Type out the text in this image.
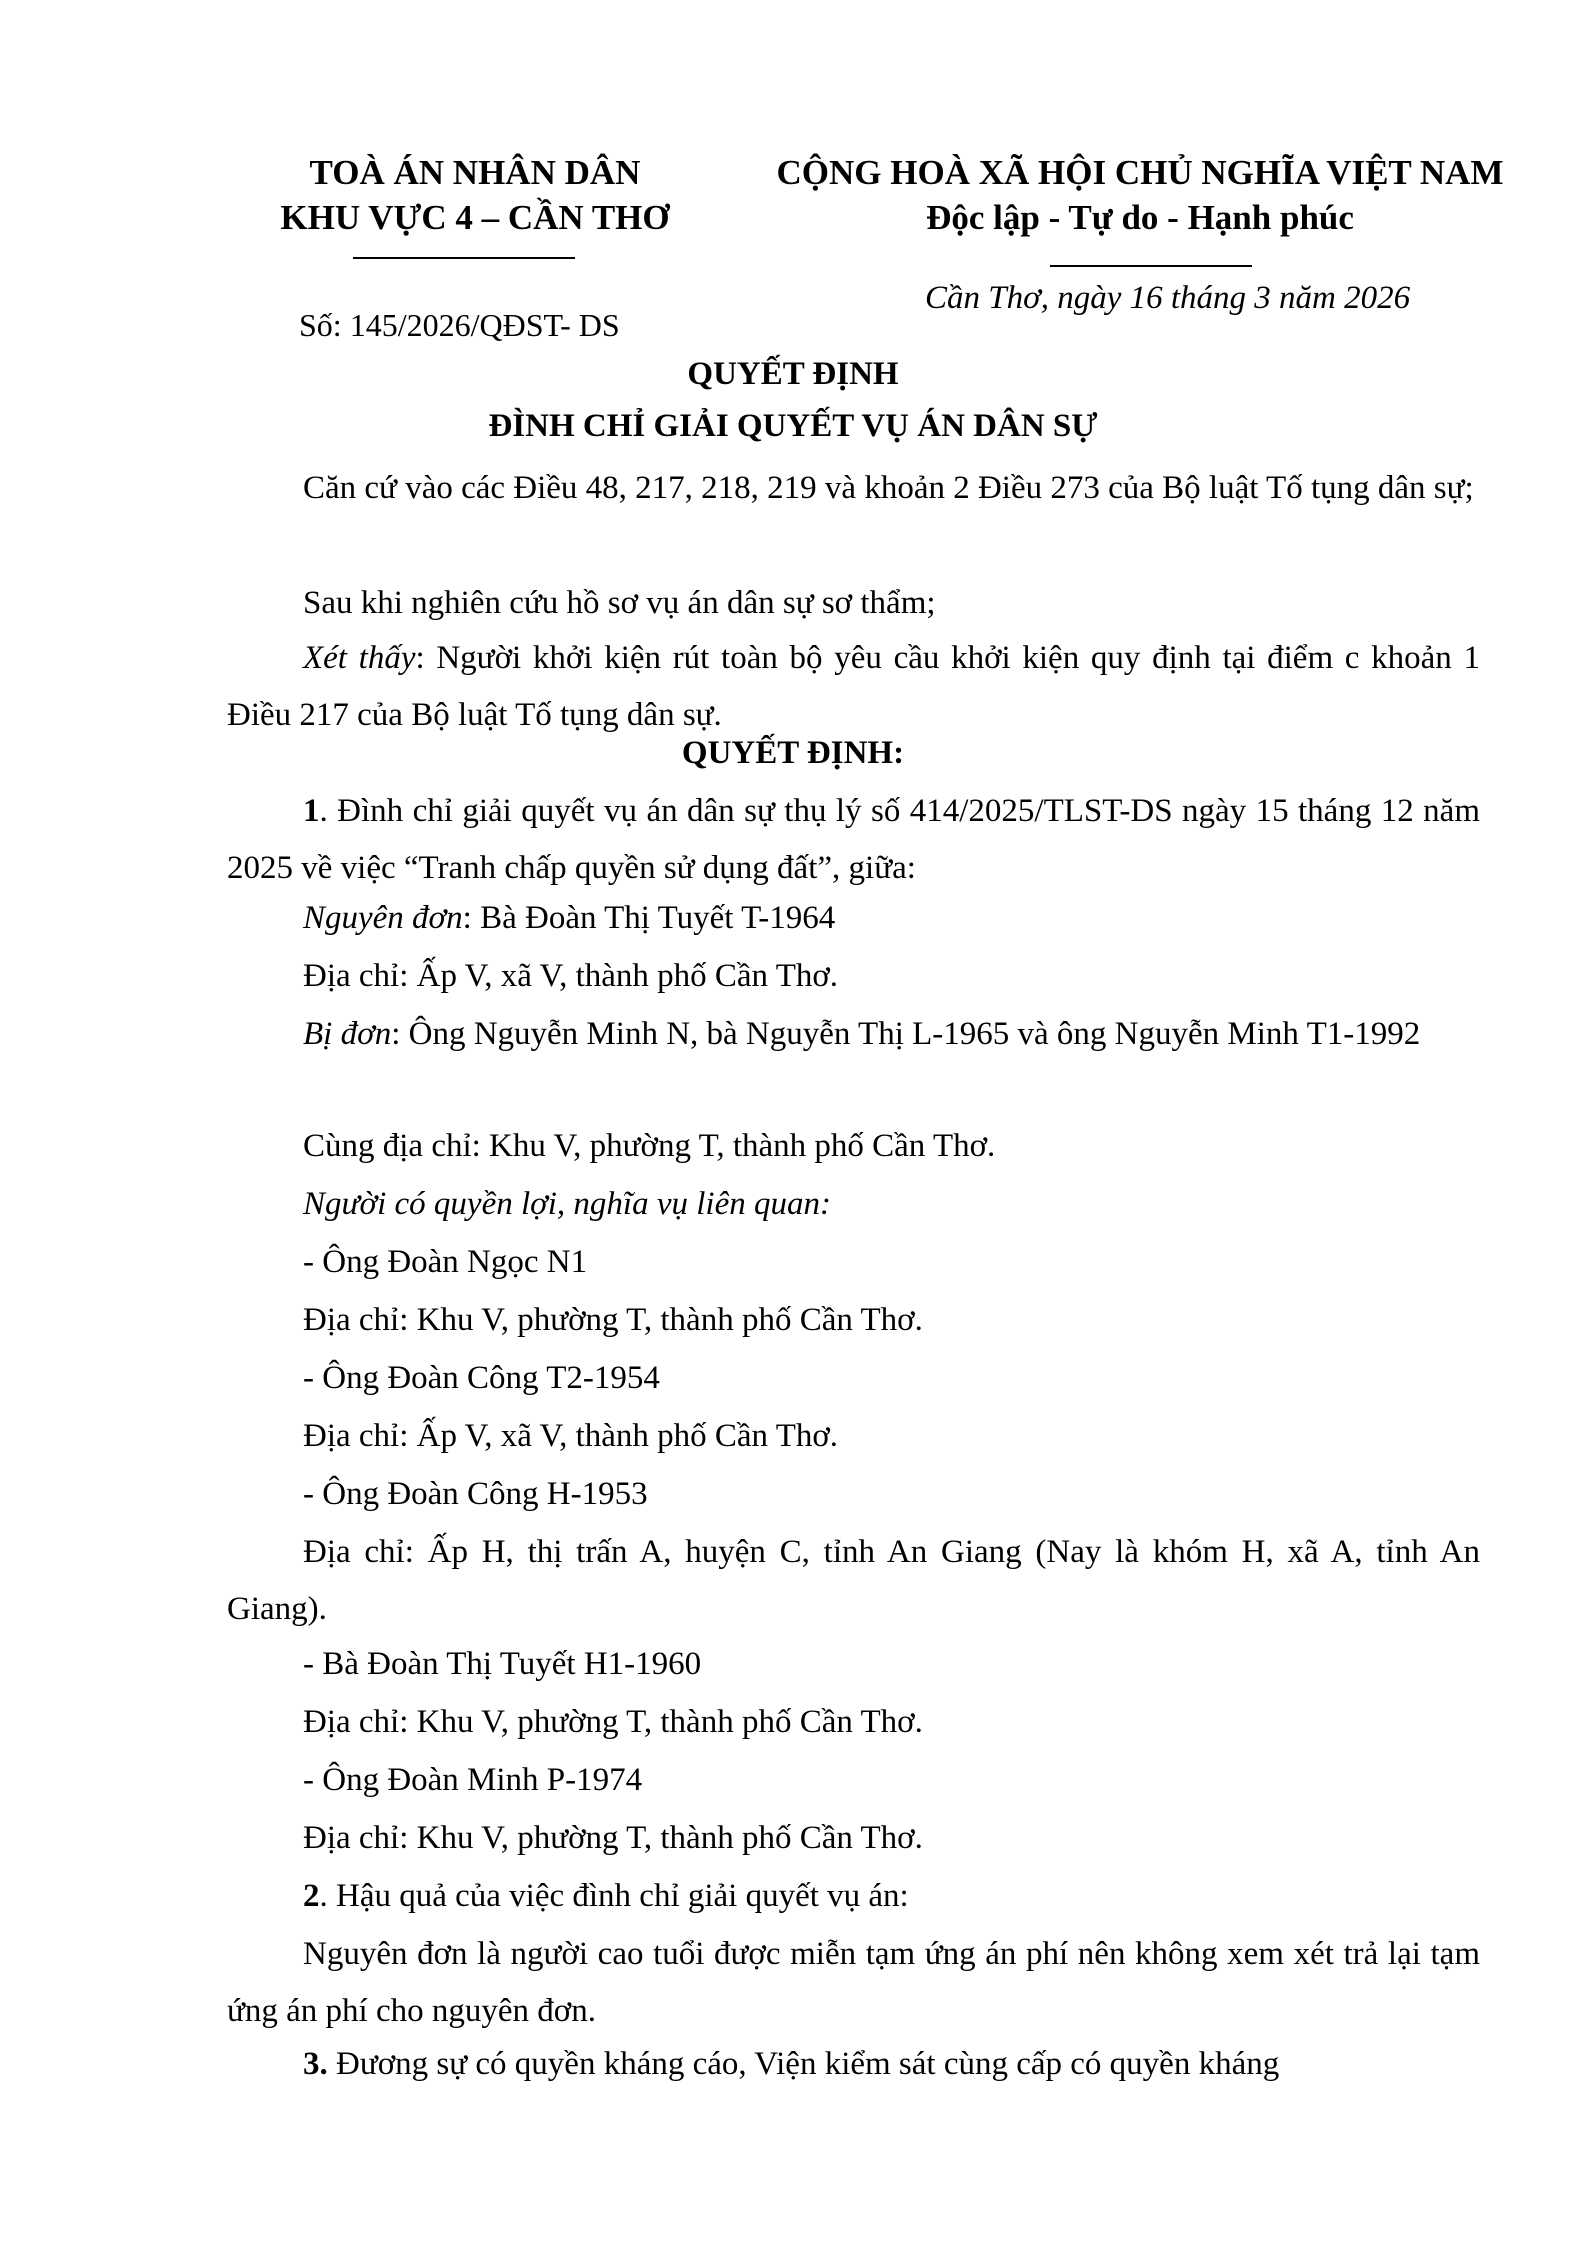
TOÀ ÁN NHÂN DÂN
KHU VỰC 4 – CẦN THƠ
Số: 145/2026/QĐST- DS
CỘNG HOÀ XÃ HỘI CHỦ NGHĨA VIỆT NAM
Độc lập - Tự do - Hạnh phúc
Cần Thơ, ngày 16 tháng 3 năm 2026
QUYẾT ĐỊNH
ĐÌNH CHỈ GIẢI QUYẾT VỤ ÁN DÂN SỰ
Căn cứ vào các Điều 48, 217, 218, 219 và khoản 2 Điều 273 của Bộ luật Tố tụng dân sự;
Sau khi nghiên cứu hồ sơ vụ án dân sự sơ thẩm;
Xét thấy: Người khởi kiện rút toàn bộ yêu cầu khởi kiện quy định tại điểm c khoản 1 Điều 217 của Bộ luật Tố tụng dân sự.
QUYẾT ĐỊNH:
1. Đình chỉ giải quyết vụ án dân sự thụ lý số 414/2025/TLST-DS ngày 15 tháng 12 năm 2025 về việc “Tranh chấp quyền sử dụng đất”, giữa:
Nguyên đơn: Bà Đoàn Thị Tuyết T-1964
Địa chỉ: Ấp V, xã V, thành phố Cần Thơ.
Bị đơn: Ông Nguyễn Minh N, bà Nguyễn Thị L-1965 và ông Nguyễn Minh T1-1992
Cùng địa chỉ: Khu V, phường T, thành phố Cần Thơ.
Người có quyền lợi, nghĩa vụ liên quan:
- Ông Đoàn Ngọc N1
Địa chỉ: Khu V, phường T, thành phố Cần Thơ.
- Ông Đoàn Công T2-1954
Địa chỉ: Ấp V, xã V, thành phố Cần Thơ.
- Ông Đoàn Công H-1953
Địa chỉ: Ấp H, thị trấn A, huyện C, tỉnh An Giang (Nay là khóm H, xã A, tỉnh An Giang).
- Bà Đoàn Thị Tuyết H1-1960
Địa chỉ: Khu V, phường T, thành phố Cần Thơ.
- Ông Đoàn Minh P-1974
Địa chỉ: Khu V, phường T, thành phố Cần Thơ.
2. Hậu quả của việc đình chỉ giải quyết vụ án:
Nguyên đơn là người cao tuổi được miễn tạm ứng án phí nên không xem xét trả lại tạm ứng án phí cho nguyên đơn.
3. Đương sự có quyền kháng cáo, Viện kiểm sát cùng cấp có quyền kháng
